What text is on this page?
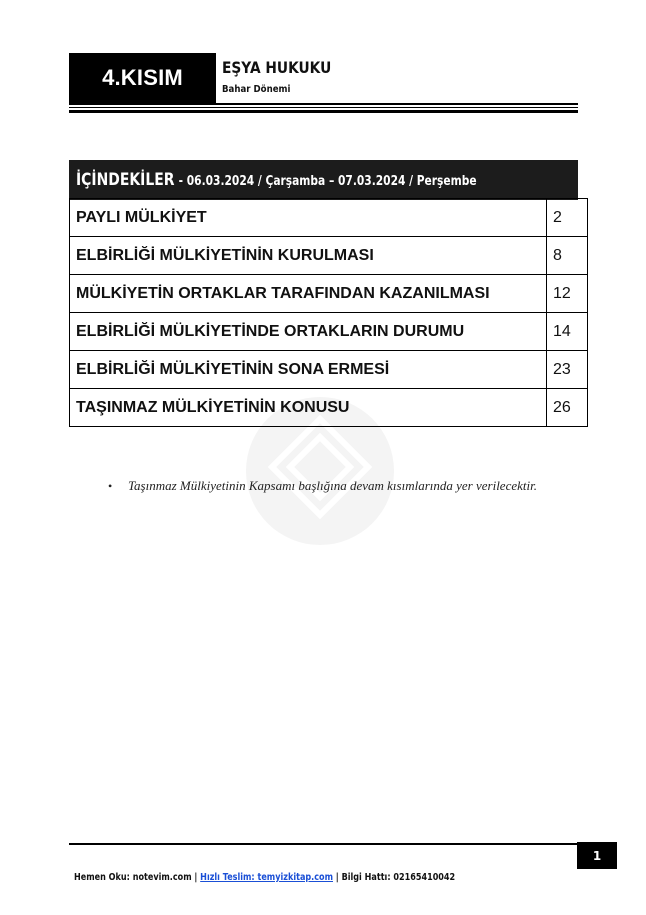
4.KISIM EŞYA HUKUKU
Bahar Dönemi
İÇİNDEKİLER - 06.03.2024 / Çarşamba – 07.03.2024 / Perşembe
PAYLI MÜLKİYET	2
ELBİRLİĞİ MÜLKİYETİNİN KURULMASI	8
MÜLKİYETİN ORTAKLAR TARAFINDAN KAZANILMASI	12
ELBİRLİĞİ MÜLKİYETİNDE ORTAKLARIN DURUMU	14
ELBİRLİĞİ MÜLKİYETİNİN SONA ERMESİ	23
TAŞINMAZ MÜLKİYETİNİN KONUSU	26
•	Taşınmaz Mülkiyetinin Kapsamı başlığına devam kısımlarında yer verilecektir.
1
Hemen Oku: notevim.com | Hızlı Teslim: temyizkitap.com | Bilgi Hattı: 02165410042
